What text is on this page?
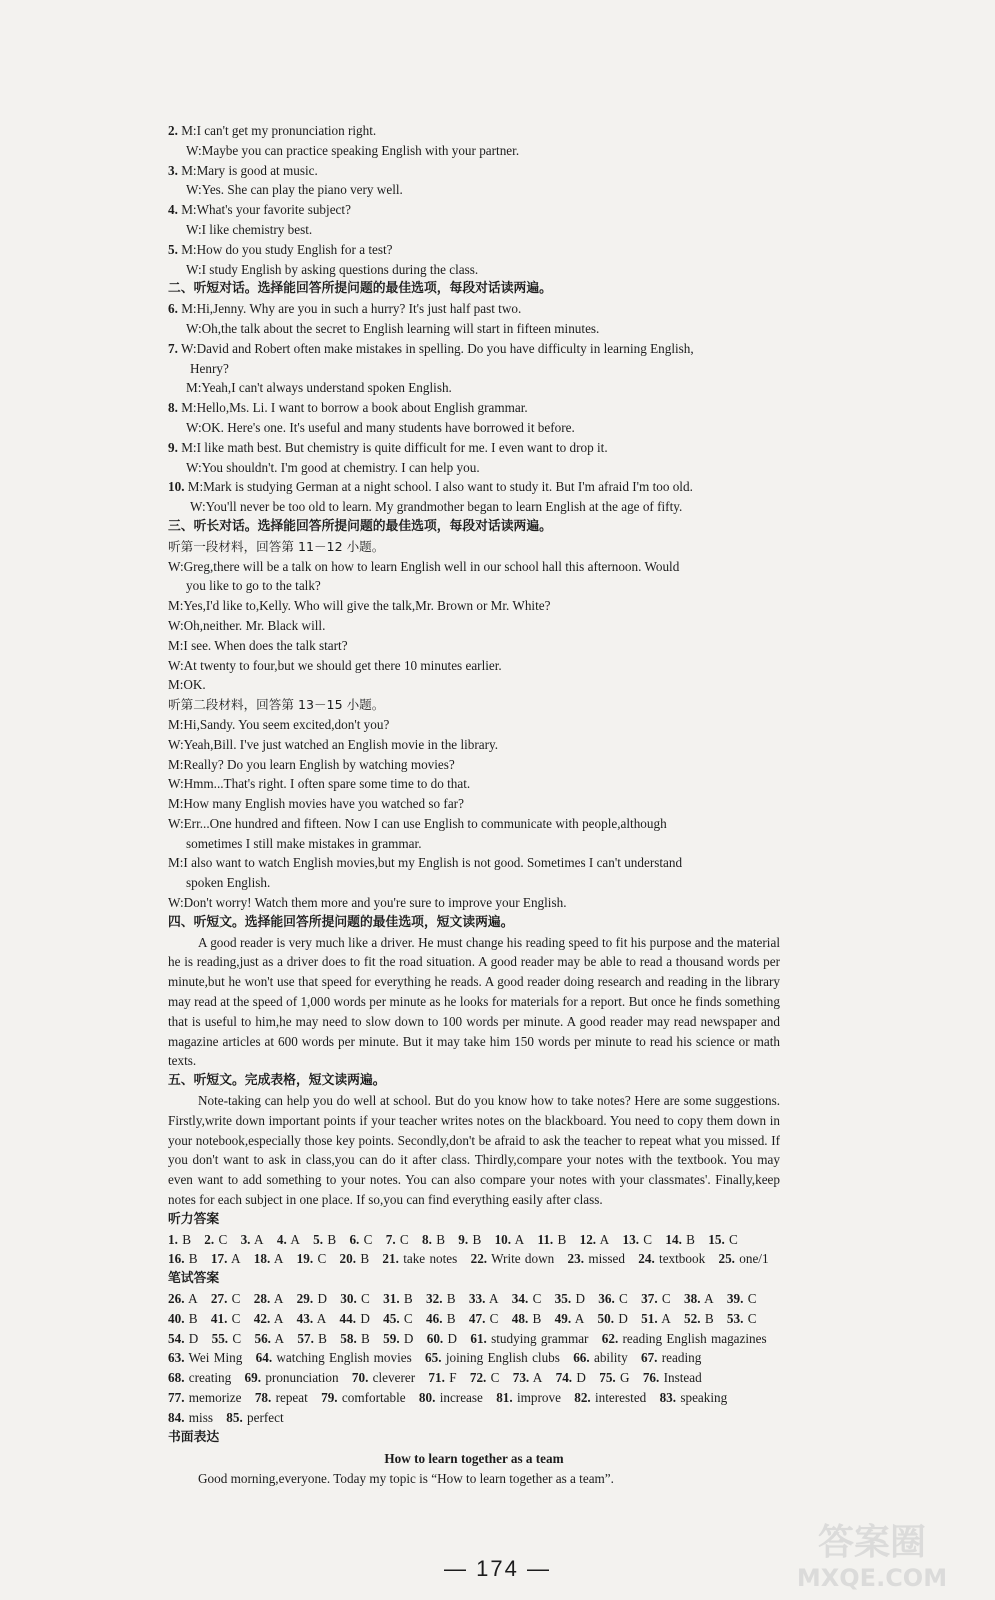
2. M:I can't get my pronunciation right.
W:Maybe you can practice speaking English with your partner.
3. M:Mary is good at music.
W:Yes. She can play the piano very well.
4. M:What's your favorite subject?
W:I like chemistry best.
5. M:How do you study English for a test?
W:I study English by asking questions during the class.
二、听短对话。选择能回答所提问题的最佳选项，每段对话读两遍。
6. M:Hi,Jenny. Why are you in such a hurry? It's just half past two.
W:Oh,the talk about the secret to English learning will start in fifteen minutes.
7. W:David and Robert often make mistakes in spelling. Do you have difficulty in learning English,
Henry?
M:Yeah,I can't always understand spoken English.
8. M:Hello,Ms. Li. I want to borrow a book about English grammar.
W:OK. Here's one. It's useful and many students have borrowed it before.
9. M:I like math best. But chemistry is quite difficult for me. I even want to drop it.
W:You shouldn't. I'm good at chemistry. I can help you.
10. M:Mark is studying German at a night school. I also want to study it. But I'm afraid I'm too old.
W:You'll never be too old to learn. My grandmother began to learn English at the age of fifty.
三、听长对话。选择能回答所提问题的最佳选项，每段对话读两遍。
听第一段材料，回答第 11－12 小题。
W:Greg,there will be a talk on how to learn English well in our school hall this afternoon. Would
you like to go to the talk?
M:Yes,I'd like to,Kelly. Who will give the talk,Mr. Brown or Mr. White?
W:Oh,neither. Mr. Black will.
M:I see. When does the talk start?
W:At twenty to four,but we should get there 10 minutes earlier.
M:OK.
听第二段材料，回答第 13－15 小题。
M:Hi,Sandy. You seem excited,don't you?
W:Yeah,Bill. I've just watched an English movie in the library.
M:Really? Do you learn English by watching movies?
W:Hmm...That's right. I often spare some time to do that.
M:How many English movies have you watched so far?
W:Err...One hundred and fifteen. Now I can use English to communicate with people,although
sometimes I still make mistakes in grammar.
M:I also want to watch English movies,but my English is not good. Sometimes I can't understand
spoken English.
W:Don't worry! Watch them more and you're sure to improve your English.
四、听短文。选择能回答所提问题的最佳选项，短文读两遍。
A good reader is very much like a driver. He must change his reading speed to fit his purpose and the material he is reading,just as a driver does to fit the road situation. A good reader may be able to read a thousand words per minute,but he won't use that speed for everything he reads. A good reader doing research and reading in the library may read at the speed of 1,000 words per minute as he looks for materials for a report. But once he finds something that is useful to him,he may need to slow down to 100 words per minute. A good reader may read newspaper and magazine articles at 600 words per minute. But it may take him 150 words per minute to read his science or math texts.
五、听短文。完成表格，短文读两遍。
Note-taking can help you do well at school. But do you know how to take notes? Here are some suggestions. Firstly,write down important points if your teacher writes notes on the blackboard. You need to copy them down in your notebook,especially those key points. Secondly,don't be afraid to ask the teacher to repeat what you missed. If you don't want to ask in class,you can do it after class. Thirdly,compare your notes with the textbook. You may even want to add something to your notes. You can also compare your notes with your classmates'. Finally,keep notes for each subject in one place. If so,you can find everything easily after class.
听力答案
1. B 2. C 3. A 4. A 5. B 6. C 7. C 8. B 9. B 10. A 11. B 12. A 13. C 14. B 15. C 16. B 17. A 18. A 19. C 20. B 21. take notes 22. Write down 23. missed 24. textbook 25. one/1
笔试答案
26. A 27. C 28. A 29. D 30. C 31. B 32. B 33. A 34. C 35. D 36. C 37. C 38. A 39. C 40. B 41. C 42. A 43. A 44. D 45. C 46. B 47. C 48. B 49. A 50. D 51. A 52. B 53. C 54. D 55. C 56. A 57. B 58. B 59. D 60. D 61. studying grammar 62. reading English magazines 63. Wei Ming 64. watching English movies 65. joining English clubs 66. ability 67. reading 68. creating 69. pronunciation 70. cleverer 71. F 72. C 73. A 74. D 75. G 76. Instead 77. memorize 78. repeat 79. comfortable 80. increase 81. improve 82. interested 83. speaking 84. miss 85. perfect
书面表达
How to learn together as a team
Good morning,everyone. Today my topic is “How to learn together as a team”.
— 174 —
答案圈
MXQE.COM
